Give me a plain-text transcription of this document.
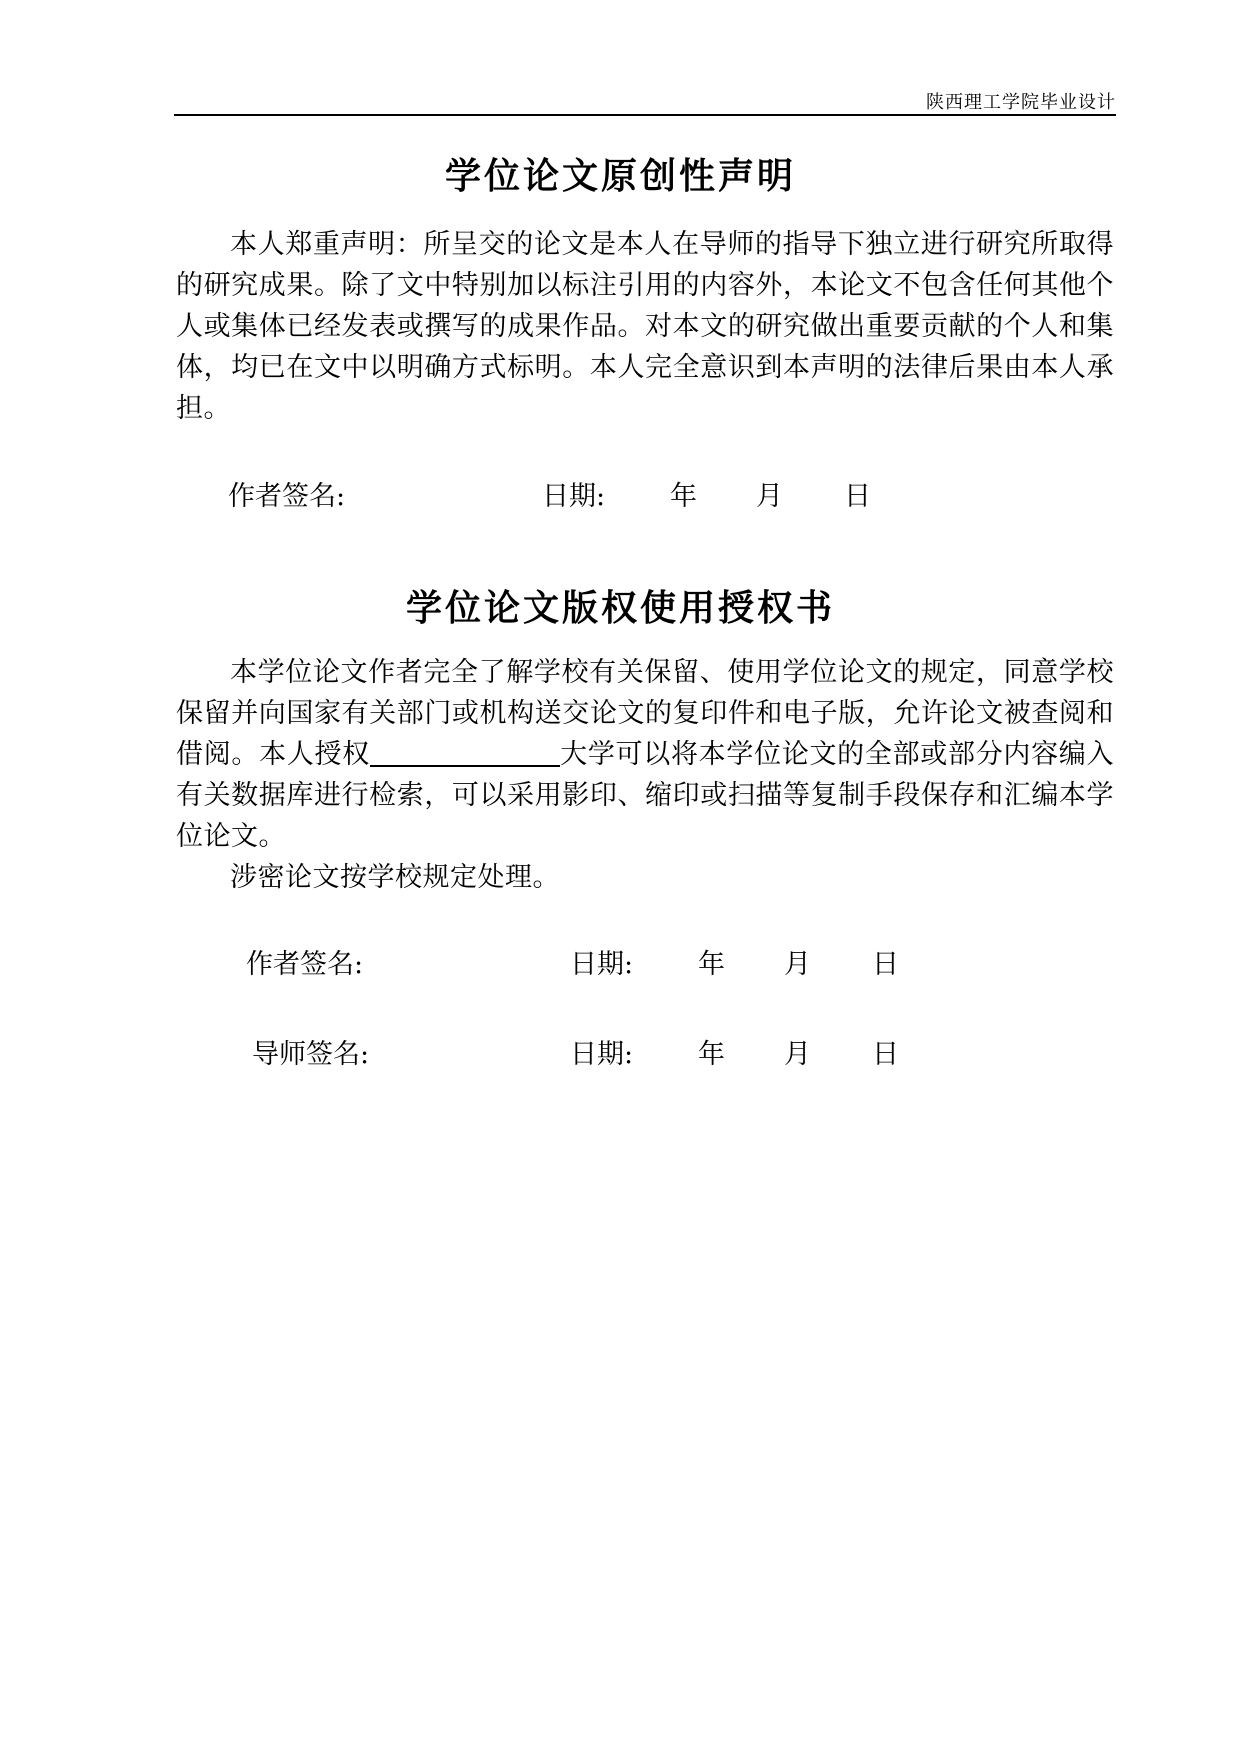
陕西理工学院毕业设计
学位论文原创性声明

本人郑重声明：所呈交的论文是本人在导师的指导下独立进行研究所取得的研究成果。除了文中特别加以标注引用的内容外，本论文不包含任何其他个人或集体已经发表或撰写的成果作品。对本文的研究做出重要贡献的个人和集体，均已在文中以明确方式标明。本人完全意识到本声明的法律后果由本人承担。

作者签名:	日期: 年 月 日
学位论文版权使用授权书

本学位论文作者完全了解学校有关保留、使用学位论文的规定，同意学校保留并向国家有关部门或机构送交论文的复印件和电子版，允许论文被查阅和借阅。本人授权	大学可以将本学位论文的全部或部分内容编入有关数据库进行检索，可以采用影印、缩印或扫描等复制手段保存和汇编本学位论文。

涉密论文按学校规定处理。

作者签名:	日期: 年 月 日
导师签名:	日期: 年 月 日
